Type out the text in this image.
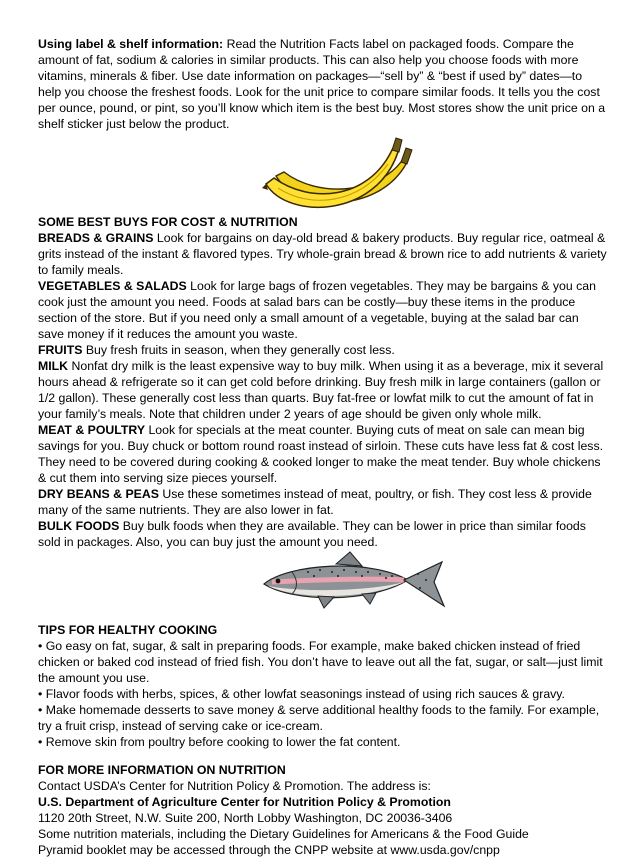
Using label & shelf information: Read the Nutrition Facts label on packaged foods. Compare the amount of fat, sodium & calories in similar products. This can also help you choose foods with more vitamins, minerals & fiber. Use date information on packages—“sell by” & “best if used by” dates—to help you choose the freshest foods. Look for the unit price to compare similar foods. It tells you the cost per ounce, pound, or pint, so you’ll know which item is the best buy. Most stores show the unit price on a shelf sticker just below the product.

SOME BEST BUYS FOR COST & NUTRITION

BREADS & GRAINS Look for bargains on day-old bread & bakery products. Buy regular rice, oatmeal & grits instead of the instant & flavored types. Try whole-grain bread & brown rice to add nutrients & variety to family meals.

VEGETABLES & SALADS Look for large bags of frozen vegetables. They may be bargains & you can cook just the amount you need. Foods at salad bars can be costly—buy these items in the produce section of the store. But if you need only a small amount of a vegetable, buying at the salad bar can save money if it reduces the amount you waste.

FRUITS Buy fresh fruits in season, when they generally cost less.

MILK Nonfat dry milk is the least expensive way to buy milk. When using it as a beverage, mix it several hours ahead & refrigerate so it can get cold before drinking. Buy fresh milk in large containers (gallon or 1/2 gallon). These generally cost less than quarts. Buy fat-free or lowfat milk to cut the amount of fat in your family’s meals. Note that children under 2 years of age should be given only whole milk.

MEAT & POULTRY Look for specials at the meat counter. Buying cuts of meat on sale can mean big savings for you. Buy chuck or bottom round roast instead of sirloin. These cuts have less fat & cost less. They need to be covered during cooking & cooked longer to make the meat tender. Buy whole chickens & cut them into serving size pieces yourself.

DRY BEANS & PEAS Use these sometimes instead of meat, poultry, or fish. They cost less & provide many of the same nutrients. They are also lower in fat.

BULK FOODS Buy bulk foods when they are available. They can be lower in price than similar foods sold in packages. Also, you can buy just the amount you need.

TIPS FOR HEALTHY COOKING

• Go easy on fat, sugar, & salt in preparing foods. For example, make baked chicken instead of fried chicken or baked cod instead of fried fish. You don’t have to leave out all the fat, sugar, or salt—just limit the amount you use.

• Flavor foods with herbs, spices, & other lowfat seasonings instead of using rich sauces & gravy.

• Make homemade desserts to save money & serve additional healthy foods to the family. For example, try a fruit crisp, instead of serving cake or ice-cream.

• Remove skin from poultry before cooking to lower the fat content.

FOR MORE INFORMATION ON NUTRITION

Contact USDA’s Center for Nutrition Policy & Promotion. The address is:

U.S. Department of Agriculture Center for Nutrition Policy & Promotion

1120 20th Street, N.W. Suite 200, North Lobby Washington, DC 20036-3406

Some nutrition materials, including the Dietary Guidelines for Americans & the Food Guide

Pyramid booklet may be accessed through the CNPP website at www.usda.gov/cnpp
